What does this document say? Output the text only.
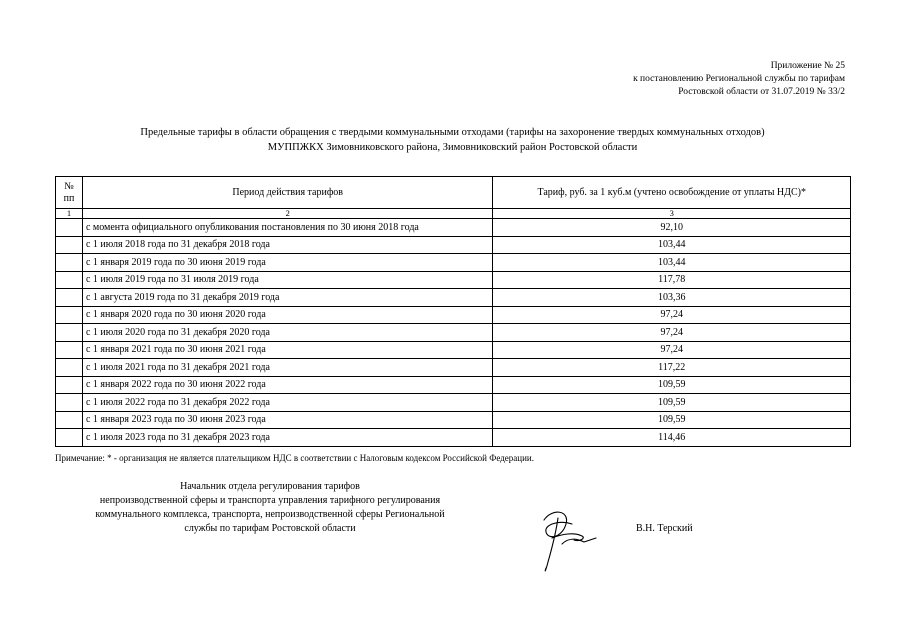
Приложение № 25
к постановлению Региональной службы по тарифам
Ростовской области от 31.07.2019 № 33/2
Предельные тарифы в области обращения с твердыми коммунальными отходами (тарифы на захоронение твердых коммунальных отходов)
МУППЖКХ Зимовниковского района, Зимовниковский район Ростовской области
№
пп	Период действия тарифов	Тариф, руб. за 1 куб.м (учтено освобождение от уплаты НДС)*
1	2	3
	с момента официального опубликования постановления по 30 июня 2018 года	92,10
	с 1 июля 2018 года по 31 декабря 2018 года	103,44
	с 1 января 2019 года по 30 июня 2019 года	103,44
	с 1 июля 2019 года по 31 июля 2019 года	117,78
	с 1 августа 2019 года по 31 декабря 2019 года	103,36
	с 1 января 2020 года по 30 июня 2020 года	97,24
	с 1 июля 2020 года по 31 декабря 2020 года	97,24
	с 1 января 2021 года по 30 июня 2021 года	97,24
	с 1 июля 2021 года по 31 декабря 2021 года	117,22
	с 1 января 2022 года по 30 июня 2022 года	109,59
	с 1 июля 2022 года по 31 декабря 2022 года	109,59
	с 1 января 2023 года по 30 июня 2023 года	109,59
	с 1 июля 2023 года по 31 декабря 2023 года	114,46
Примечание: * - организация не является плательщиком НДС в соответствии с Налоговым кодексом Российской Федерации.
Начальник отдела регулирования тарифов
непроизводственной сферы и транспорта управления тарифного регулирования
коммунального комплекса, транспорта, непроизводственной сферы Региональной
службы по тарифам Ростовской области	В.Н. Терский
